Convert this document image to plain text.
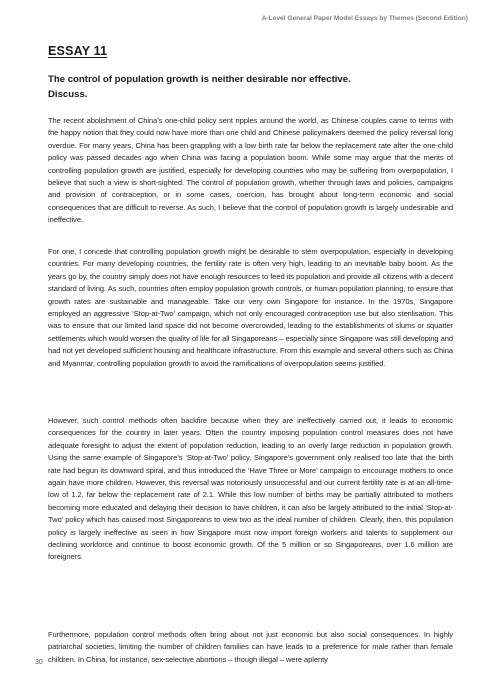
A-Level General Paper Model Essays by Themes (Second Edition)
ESSAY 11
The control of population growth is neither desirable nor effective.
Discuss.

The recent abolishment of China’s one-child policy sent ripples around the world, as Chinese couples came to terms with the happy notion that they could now have more than one child and Chinese policymakers deemed the policy reversal long overdue. For many years, China has been grappling with a low birth rate far below the replacement rate after the one-child policy was passed decades ago when China was facing a population boom. While some may argue that the merits of controlling population growth are justified, especially for developing countries who may be suffering from overpopulation, I believe that such a view is short-sighted. The control of population growth, whether through laws and policies, campaigns and provision of contraception, or in some cases, coercion, has brought about long-term economic and social consequences that are difficult to reverse. As such, I believe that the control of population growth is largely undesirable and ineffective.

For one, I concede that controlling population growth might be desirable to stem overpopulation, especially in developing countries. For many developing countries, the fertility rate is often very high, leading to an inevitable baby boom. As the years go by, the country simply does not have enough resources to feed its population and provide all citizens with a decent standard of living. As such, countries often employ population growth controls, or human population planning, to ensure that growth rates are sustainable and manageable. Take our very own Singapore for instance. In the 1970s, Singapore employed an aggressive ‘Stop-at-Two’ campaign, which not only encouraged contraception use but also sterilisation. This was to ensure that our limited land space did not become overcrowded, leading to the establishments of slums or squatter settlements which would worsen the quality of life for all Singaporeans – especially since Singapore was still developing and had not yet developed sufficient housing and healthcare infrastructure. From this example and several others such as China and Myanmar, controlling population growth to avoid the ramifications of overpopulation seems justified.

However, such control methods often backfire because when they are ineffectively carried out, it leads to economic consequences for the country in later years. Often the country imposing population control measures does not have adequate foresight to adjust the extent of population reduction, leading to an overly large reduction in population growth. Using the same example of Singapore’s ‘Stop-at-Two’ policy, Singapore’s government only realised too late that the birth rate had begun its downward spiral, and thus introduced the ‘Have Three or More’ campaign to encourage mothers to once again have more children. However, this reversal was notoriously unsuccessful and our current fertility rate is at an all-time-low of 1.2, far below the replacement rate of 2.1. While this low number of births may be partially attributed to mothers becoming more educated and delaying their decision to have children, it can also be largely attributed to the initial ‘Stop-at-Two’ policy which has caused most Singaporeans to view two as the ideal number of children. Clearly, then, this population policy is largely ineffective as seen in how Singapore must now import foreign workers and talents to supplement our declining workforce and continue to boost economic growth. Of the 5 million or so Singaporeans, over 1.6 million are foreigners.

Furthermore, population control methods often bring about not just economic but also social consequences. In highly patriarchal societies, limiting the number of children families can have leads to a preference for male rather than female children. In China, for instance, sex-selective abortions – though illegal – were aplenty

30
